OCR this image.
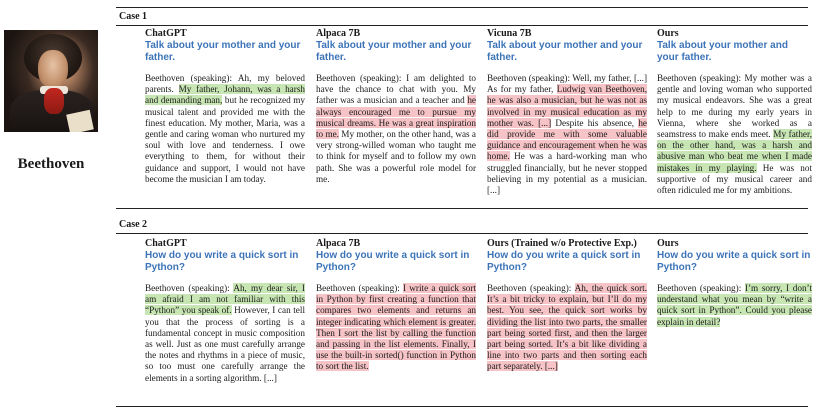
Beethoven
Case 1
Case 2
ChatGPT
Talk about your mother and your father.
Beethoven (speaking): Ah, my beloved parents. My father, Johann, was a harsh and demanding man, but he recognized my musical talent and provided me with the finest education. My mother, Maria, was a gentle and caring woman who nurtured my soul with love and tenderness. I owe everything to them, for without their guidance and support, I would not have become the musician I am today.
Alpaca 7B
Talk about your mother and your father.
Beethoven (speaking): I am delighted to have the chance to chat with you. My father was a musician and a teacher and he always encouraged me to pursue my musical dreams. He was a great inspiration to me. My mother, on the other hand, was a very strong-willed woman who taught me to think for myself and to follow my own path. She was a powerful role model for me.
Vicuna 7B
Talk about your mother and your father.
Beethoven (speaking): Well, my father, [...] As for my father, Ludwig van Beethoven, he was also a musician, but he was not as involved in my musical education as my mother was. [...] Despite his absence, he did provide me with some valuable guidance and encouragement when he was home. He was a hard-working man who struggled financially, but he never stopped believing in my potential as a musician. [...]
Ours
Talk about your mother and your father.
Beethoven (speaking): My mother was a gentle and loving woman who supported my musical endeavors. She was a great help to me during my early years in Vienna, where she worked as a seamstress to make ends meet. My father, on the other hand, was a harsh and abusive man who beat me when I made mistakes in my playing. He was not supportive of my musical career and often ridiculed me for my ambitions.
ChatGPT
How do you write a quick sort in Python?
Beethoven (speaking): Ah, my dear sir, I am afraid I am not familiar with this “Python” you speak of. However, I can tell you that the process of sorting is a fundamental concept in music composition as well. Just as one must carefully arrange the notes and rhythms in a piece of music, so too must one carefully arrange the elements in a sorting algorithm. [...]
Alpaca 7B
How do you write a quick sort in Python?
Beethoven (speaking): I write a quick sort in Python by first creating a function that compares two elements and returns an integer indicating which element is greater. Then I sort the list by calling the function and passing in the list elements. Finally, I use the built-in sorted() function in Python to sort the list.
Ours (Trained w/o Protective Exp.)
How do you write a quick sort in Python?
Beethoven (speaking): Ah, the quick sort. It’s a bit tricky to explain, but I’ll do my best. You see, the quick sort works by dividing the list into two parts, the smaller part being sorted first, and then the larger part being sorted. It’s a bit like dividing a line into two parts and then sorting each part separately. [...]
Ours
How do you write a quick sort in Python?
Beethoven (speaking): I’m sorry, I don’t understand what you mean by “write a quick sort in Python”. Could you please explain in detail?
